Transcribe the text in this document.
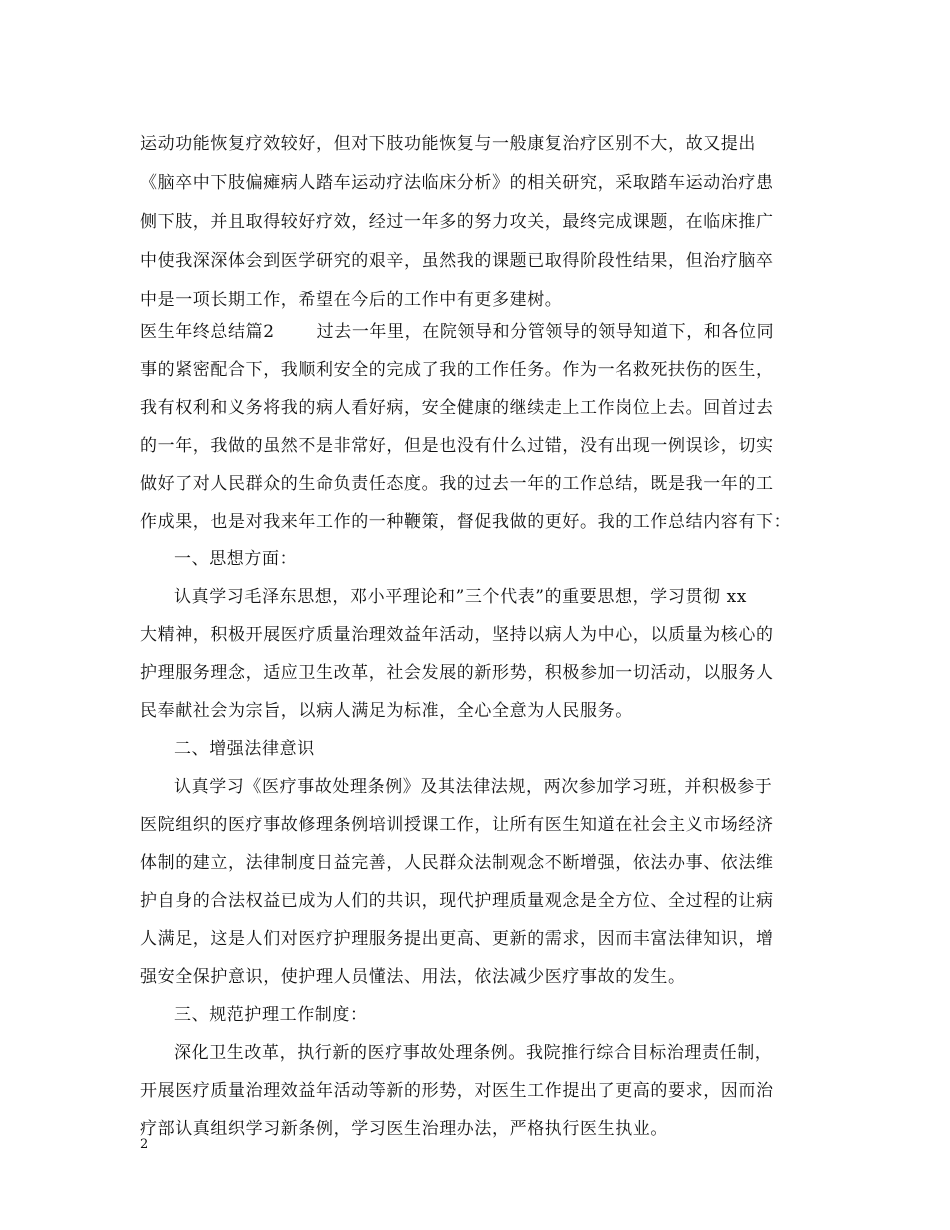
运动功能恢复疗效较好，但对下肢功能恢复与一般康复治疗区别不大，故又提出
《脑卒中下肢偏瘫病人踏车运动疗法临床分析》的相关研究，采取踏车运动治疗患
侧下肢，并且取得较好疗效，经过一年多的努力攻关，最终完成课题，在临床推广
中使我深深体会到医学研究的艰辛，虽然我的课题已取得阶段性结果，但治疗脑卒
中是一项长期工作，希望在今后的工作中有更多建树。
医生年终总结篇2 过去一年里，在院领导和分管领导的领导知道下，和各位同
事的紧密配合下，我顺利安全的完成了我的工作任务。作为一名救死扶伤的医生，
我有权利和义务将我的病人看好病，安全健康的继续走上工作岗位上去。回首过去
的一年，我做的虽然不是非常好，但是也没有什么过错，没有出现一例误诊，切实
做好了对人民群众的生命负责任态度。我的过去一年的工作总结，既是我一年的工
作成果，也是对我来年工作的一种鞭策，督促我做的更好。我的工作总结内容有下：
一、思想方面：
认真学习毛泽东思想，邓小平理论和”三个代表”的重要思想，学习贯彻 xx
大精神，积极开展医疗质量治理效益年活动，坚持以病人为中心，以质量为核心的
护理服务理念，适应卫生改革，社会发展的新形势，积极参加一切活动，以服务人
民奉献社会为宗旨，以病人满足为标准，全心全意为人民服务。
二、增强法律意识
认真学习《医疗事故处理条例》及其法律法规，两次参加学习班，并积极参于
医院组织的医疗事故修理条例培训授课工作，让所有医生知道在社会主义市场经济
体制的建立，法律制度日益完善，人民群众法制观念不断增强，依法办事、依法维
护自身的合法权益已成为人们的共识，现代护理质量观念是全方位、全过程的让病
人满足，这是人们对医疗护理服务提出更高、更新的需求，因而丰富法律知识，增
强安全保护意识，使护理人员懂法、用法，依法减少医疗事故的发生。
三、规范护理工作制度：
深化卫生改革，执行新的医疗事故处理条例。我院推行综合目标治理责任制，
开展医疗质量治理效益年活动等新的形势，对医生工作提出了更高的要求，因而治
疗部认真组织学习新条例，学习医生治理办法，严格执行医生执业。
2
